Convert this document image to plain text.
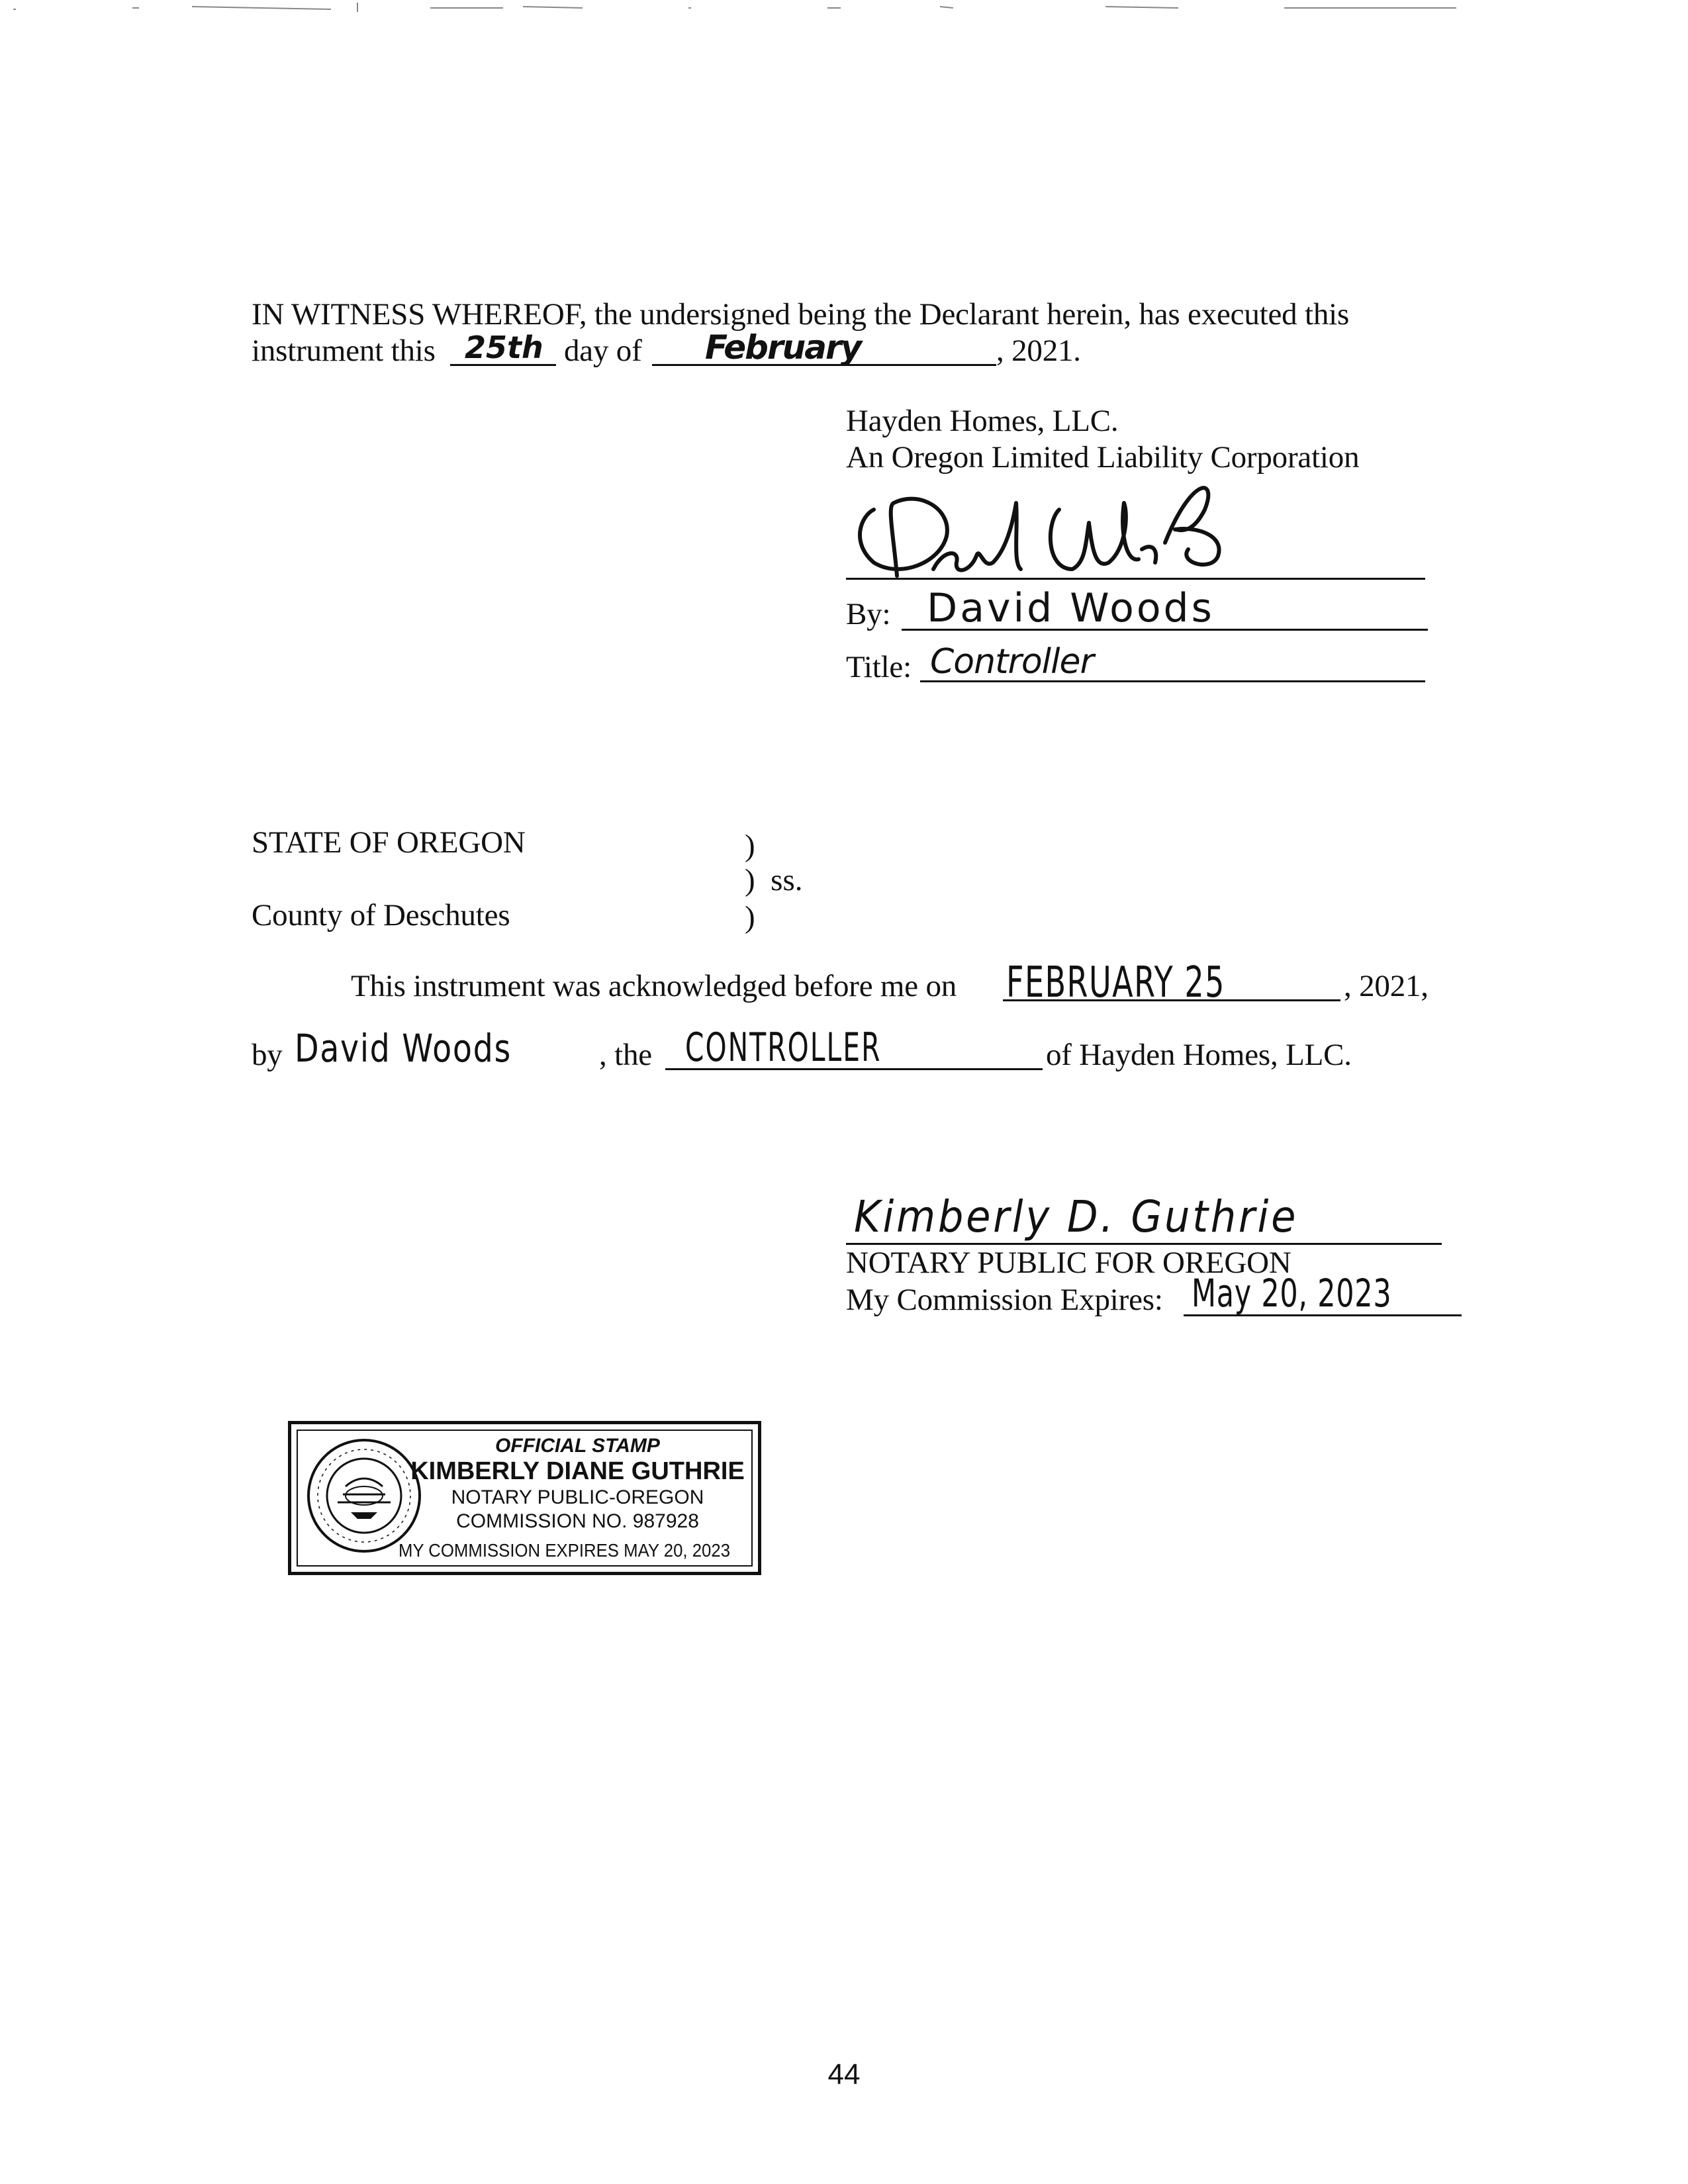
IN WITNESS WHEREOF, the undersigned being the Declarant herein, has executed this
instrument this 25th day of February	, 2021.
Hayden Homes, LLC.
An Oregon Limited Liability Corporation
By: David Woods
Title: Controller
STATE OF OREGON	)
)  ss.
County of Deschutes	)
This instrument was acknowledged before me on FEBRUARY 25	, 2021,
by David Woods	, the CONTROLLER	of Hayden Homes, LLC.
Kimberly D. Guthrie
NOTARY PUBLIC FOR OREGON
My Commission Expires: May 20, 2023
OFFICIAL STAMP
KIMBERLY DIANE GUTHRIE
NOTARY PUBLIC-OREGON
COMMISSION NO. 987928
MY COMMISSION EXPIRES MAY 20, 2023
44
